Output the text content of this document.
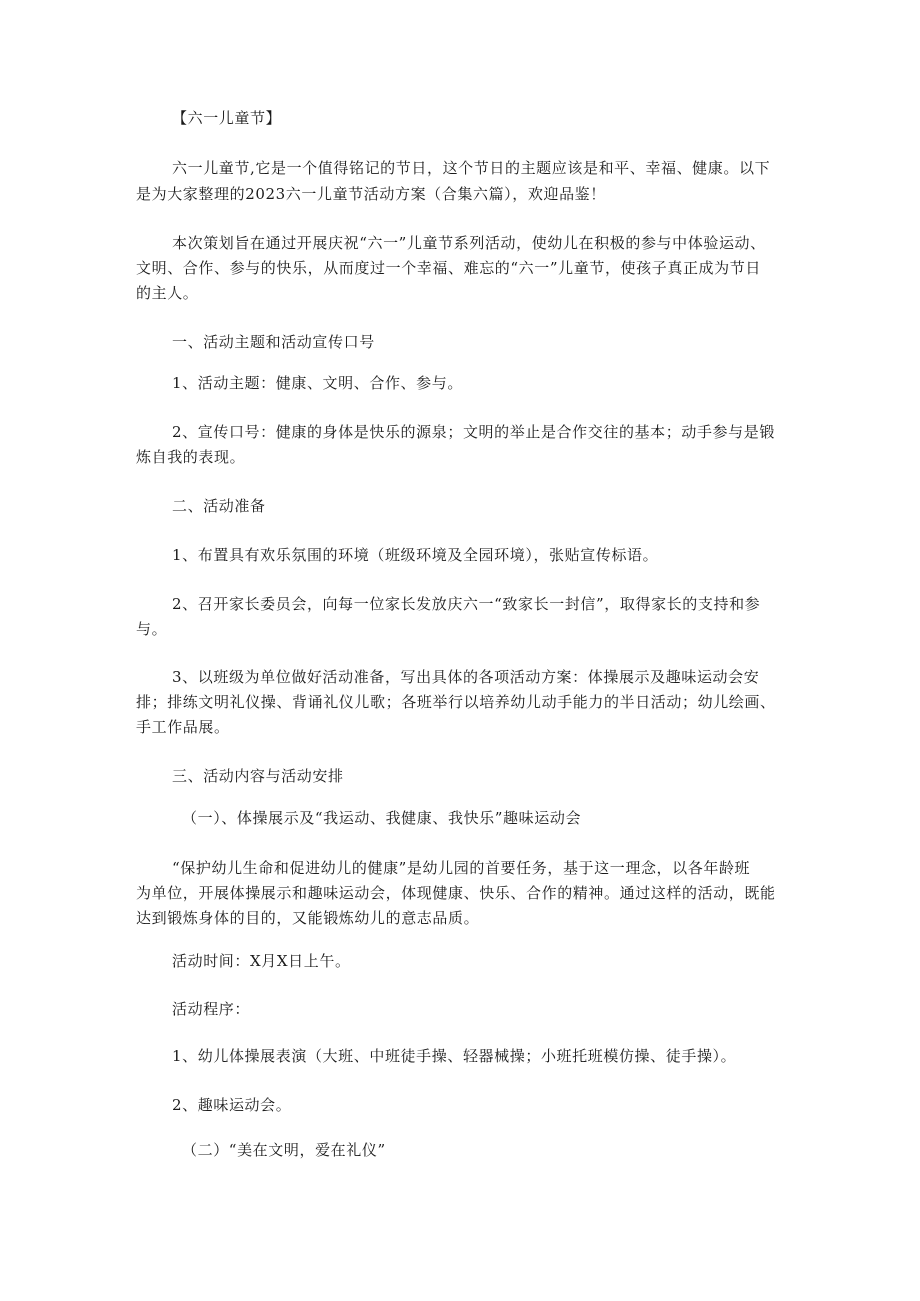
【六一儿童节】

六一儿童节,它是一个值得铭记的节日，这个节日的主题应该是和平、幸福、健康。以下

是为大家整理的2023六一儿童节活动方案（合集六篇），欢迎品鉴！

本次策划旨在通过开展庆祝“六一”儿童节系列活动，使幼儿在积极的参与中体验运动、

文明、合作、参与的快乐，从而度过一个幸福、难忘的“六一”儿童节，使孩子真正成为节日

的主人。

一、活动主题和活动宣传口号

1、活动主题：健康、文明、合作、参与。

2、宣传口号：健康的身体是快乐的源泉；文明的举止是合作交往的基本；动手参与是锻

炼自我的表现。

二、活动准备

1、布置具有欢乐氛围的环境（班级环境及全园环境），张贴宣传标语。

2、召开家长委员会，向每一位家长发放庆六一“致家长一封信”，取得家长的支持和参

与。

3、以班级为单位做好活动准备，写出具体的各项活动方案：体操展示及趣味运动会安

排；排练文明礼仪操、背诵礼仪儿歌；各班举行以培养幼儿动手能力的半日活动；幼儿绘画、

手工作品展。

三、活动内容与活动安排

（一）、体操展示及“我运动、我健康、我快乐”趣味运动会

“保护幼儿生命和促进幼儿的健康”是幼儿园的首要任务，基于这一理念，以各年龄班

为单位，开展体操展示和趣味运动会，体现健康、快乐、合作的精神。通过这样的活动，既能

达到锻炼身体的目的，又能锻炼幼儿的意志品质。

活动时间：X月X日上午。

活动程序：

1、幼儿体操展表演（大班、中班徒手操、轻器械操；小班托班模仿操、徒手操）。

2、趣味运动会。

（二）“美在文明，爱在礼仪”
